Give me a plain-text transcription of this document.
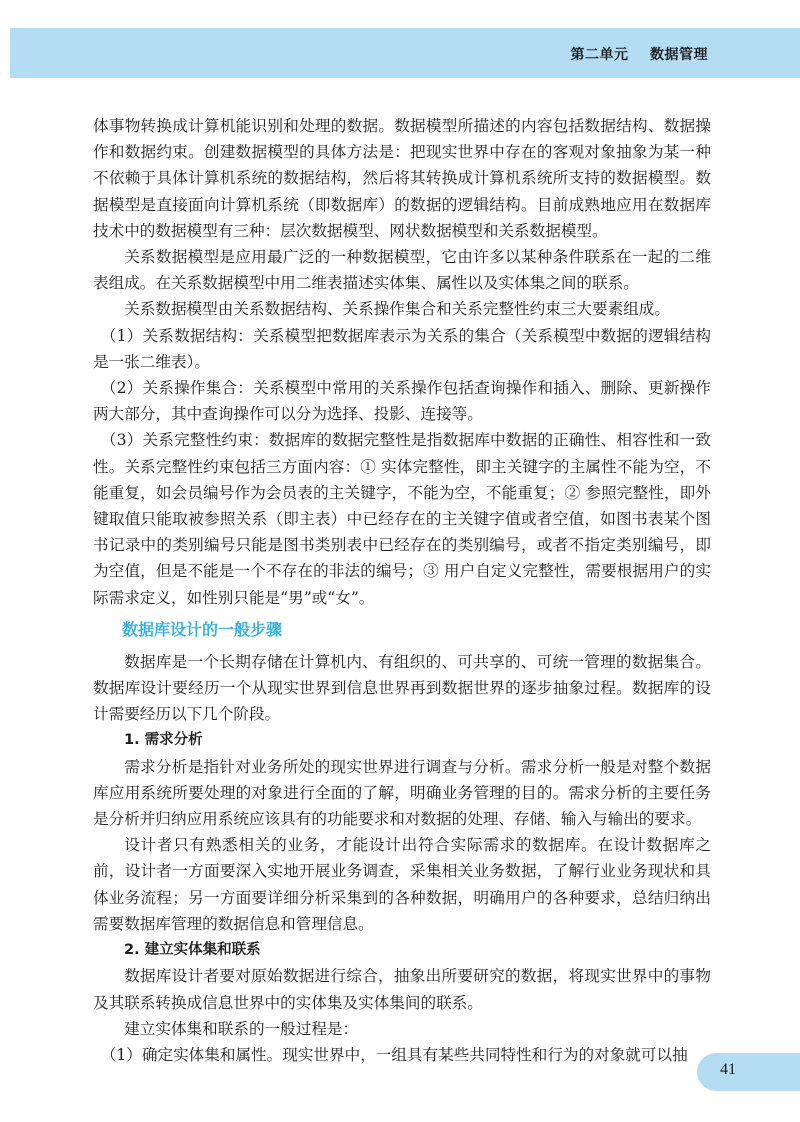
第二单元    数据管理

体事物转换成计算机能识别和处理的数据。数据模型所描述的内容包括数据结构、数据操作和数据约束。创建数据模型的具体方法是：把现实世界中存在的客观对象抽象为某一种不依赖于具体计算机系统的数据结构，然后将其转换成计算机系统所支持的数据模型。数据模型是直接面向计算机系统（即数据库）的数据的逻辑结构。目前成熟地应用在数据库技术中的数据模型有三种：层次数据模型、网状数据模型和关系数据模型。

关系数据模型是应用最广泛的一种数据模型，它由许多以某种条件联系在一起的二维表组成。在关系数据模型中用二维表描述实体集、属性以及实体集之间的联系。

关系数据模型由关系数据结构、关系操作集合和关系完整性约束三大要素组成。

（1）关系数据结构：关系模型把数据库表示为关系的集合（关系模型中数据的逻辑结构是一张二维表）。

（2）关系操作集合：关系模型中常用的关系操作包括查询操作和插入、删除、更新操作两大部分，其中查询操作可以分为选择、投影、连接等。

（3）关系完整性约束：数据库的数据完整性是指数据库中数据的正确性、相容性和一致性。关系完整性约束包括三方面内容：① 实体完整性，即主关键字的主属性不能为空，不能重复，如会员编号作为会员表的主关键字，不能为空，不能重复；② 参照完整性，即外键取值只能取被参照关系（即主表）中已经存在的主关键字值或者空值，如图书表某个图书记录中的类别编号只能是图书类别表中已经存在的类别编号，或者不指定类别编号，即为空值，但是不能是一个不存在的非法的编号；③ 用户自定义完整性，需要根据用户的实际需求定义，如性别只能是“男”或“女”。

数据库设计的一般步骤

数据库是一个长期存储在计算机内、有组织的、可共享的、可统一管理的数据集合。数据库设计要经历一个从现实世界到信息世界再到数据世界的逐步抽象过程。数据库的设计需要经历以下几个阶段。

1. 需求分析

需求分析是指针对业务所处的现实世界进行调查与分析。需求分析一般是对整个数据库应用系统所要处理的对象进行全面的了解，明确业务管理的目的。需求分析的主要任务是分析并归纳应用系统应该具有的功能要求和对数据的处理、存储、输入与输出的要求。

设计者只有熟悉相关的业务，才能设计出符合实际需求的数据库。在设计数据库之前，设计者一方面要深入实地开展业务调查，采集相关业务数据，了解行业业务现状和具体业务流程；另一方面要详细分析采集到的各种数据，明确用户的各种要求，总结归纳出需要数据库管理的数据信息和管理信息。

2. 建立实体集和联系

数据库设计者要对原始数据进行综合，抽象出所要研究的数据，将现实世界中的事物及其联系转换成信息世界中的实体集及实体集间的联系。

建立实体集和联系的一般过程是：

（1）确定实体集和属性。现实世界中，一组具有某些共同特性和行为的对象就可以抽

41
